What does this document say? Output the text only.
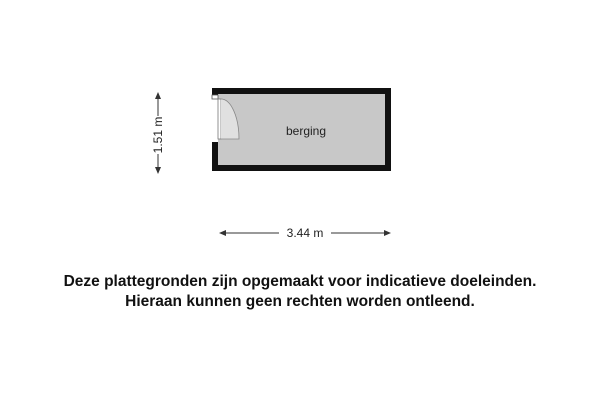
berging
1.51 m
3.44 m
Deze plattegronden zijn opgemaakt voor indicatieve doeleinden.
Hieraan kunnen geen rechten worden ontleend.
